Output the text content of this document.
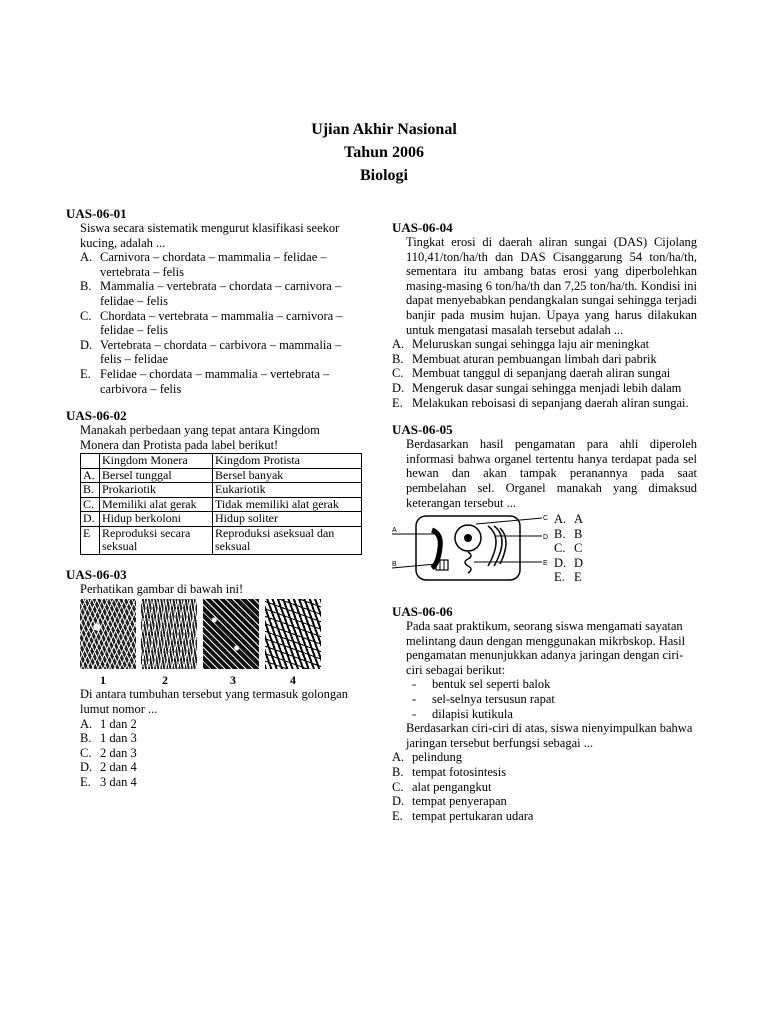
Ujian Akhir Nasional
Tahun 2006
Biologi
UAS-06-01
Siswa secara sistematik mengurut klasifikasi seekor kucing, adalah ...
A. Carnivora – chordata – mammalia – felidae – vertebrata – felis
B. Mammalia – vertebrata – chordata – carnivora – felidae – felis
C. Chordata – vertebrata – mammalia – carnivora – felidae – felis
D. Vertebrata – chordata – carbivora – mammalia – felis – felidae
E. Felidae – chordata – mammalia – vertebrata – carbivora – felis
UAS-06-02
Manakah perbedaan yang tepat antara Kingdom Monera dan Protista pada label berikut!
	Kingdom Monera	Kingdom Protista
A.	Bersel tunggal	Bersel banyak
B.	Prokariotik	Eukariotik
C.	Memiliki alat gerak	Tidak memiliki alat gerak
D.	Hidup berkoloni	Hidup soliter
E	Reproduksi secara seksual	Reproduksi aseksual dan seksual
UAS-06-03
Perhatikan gambar di bawah ini!
1	2	3	4
Di antara tumbuhan tersebut yang termasuk golongan lumut nomor ...
A. 1 dan 2
B. 1 dan 3
C. 2 dan 3
D. 2 dan 4
E. 3 dan 4
UAS-06-04
Tingkat erosi di daerah aliran sungai (DAS) Cijolang 110,41/ton/ha/th dan DAS Cisanggarung 54 ton/ha/th, sementara itu ambang batas erosi yang diperbolehkan masing-masing 6 ton/ha/th dan 7,25 ton/ha/th. Kondisi ini dapat menyebabkan pendangkalan sungai sehingga terjadi banjir pada musim hujan. Upaya yang harus dilakukan untuk mengatasi masalah tersebut adalah ...
A. Meluruskan sungai sehingga laju air meningkat
B. Membuat aturan pembuangan limbah dari pabrik
C. Membuat tanggul di sepanjang daerah aliran sungai
D. Mengeruk dasar sungai sehingga menjadi lebih dalam
E. Melakukan reboisasi di sepanjang daerah aliran sungai.
UAS-06-05
Berdasarkan hasil pengamatan para ahli diperoleh informasi bahwa organel tertentu hanya terdapat pada sel hewan dan akan tampak peranannya pada saat pembelahan sel. Organel manakah yang dimaksud keterangan tersebut ...
A
B
C
D
E
A. A
B. B
C. C
D. D
E. E
UAS-06-06
Pada saat praktikum, seorang siswa mengamati sayatan melintang daun dengan menggunakan mikrbskop. Hasil pengamatan menunjukkan adanya jaringan dengan ciri-ciri sebagai berikut:
-	bentuk sel seperti balok
-	sel-selnya tersusun rapat
-	dilapisi kutikula
Berdasarkan ciri-ciri di atas, siswa nienyimpulkan bahwa jaringan tersebut berfungsi sebagai ...
A. pelindung
B. tempat fotosintesis
C. alat pengangkut
D. tempat penyerapan
E. tempat pertukaran udara
